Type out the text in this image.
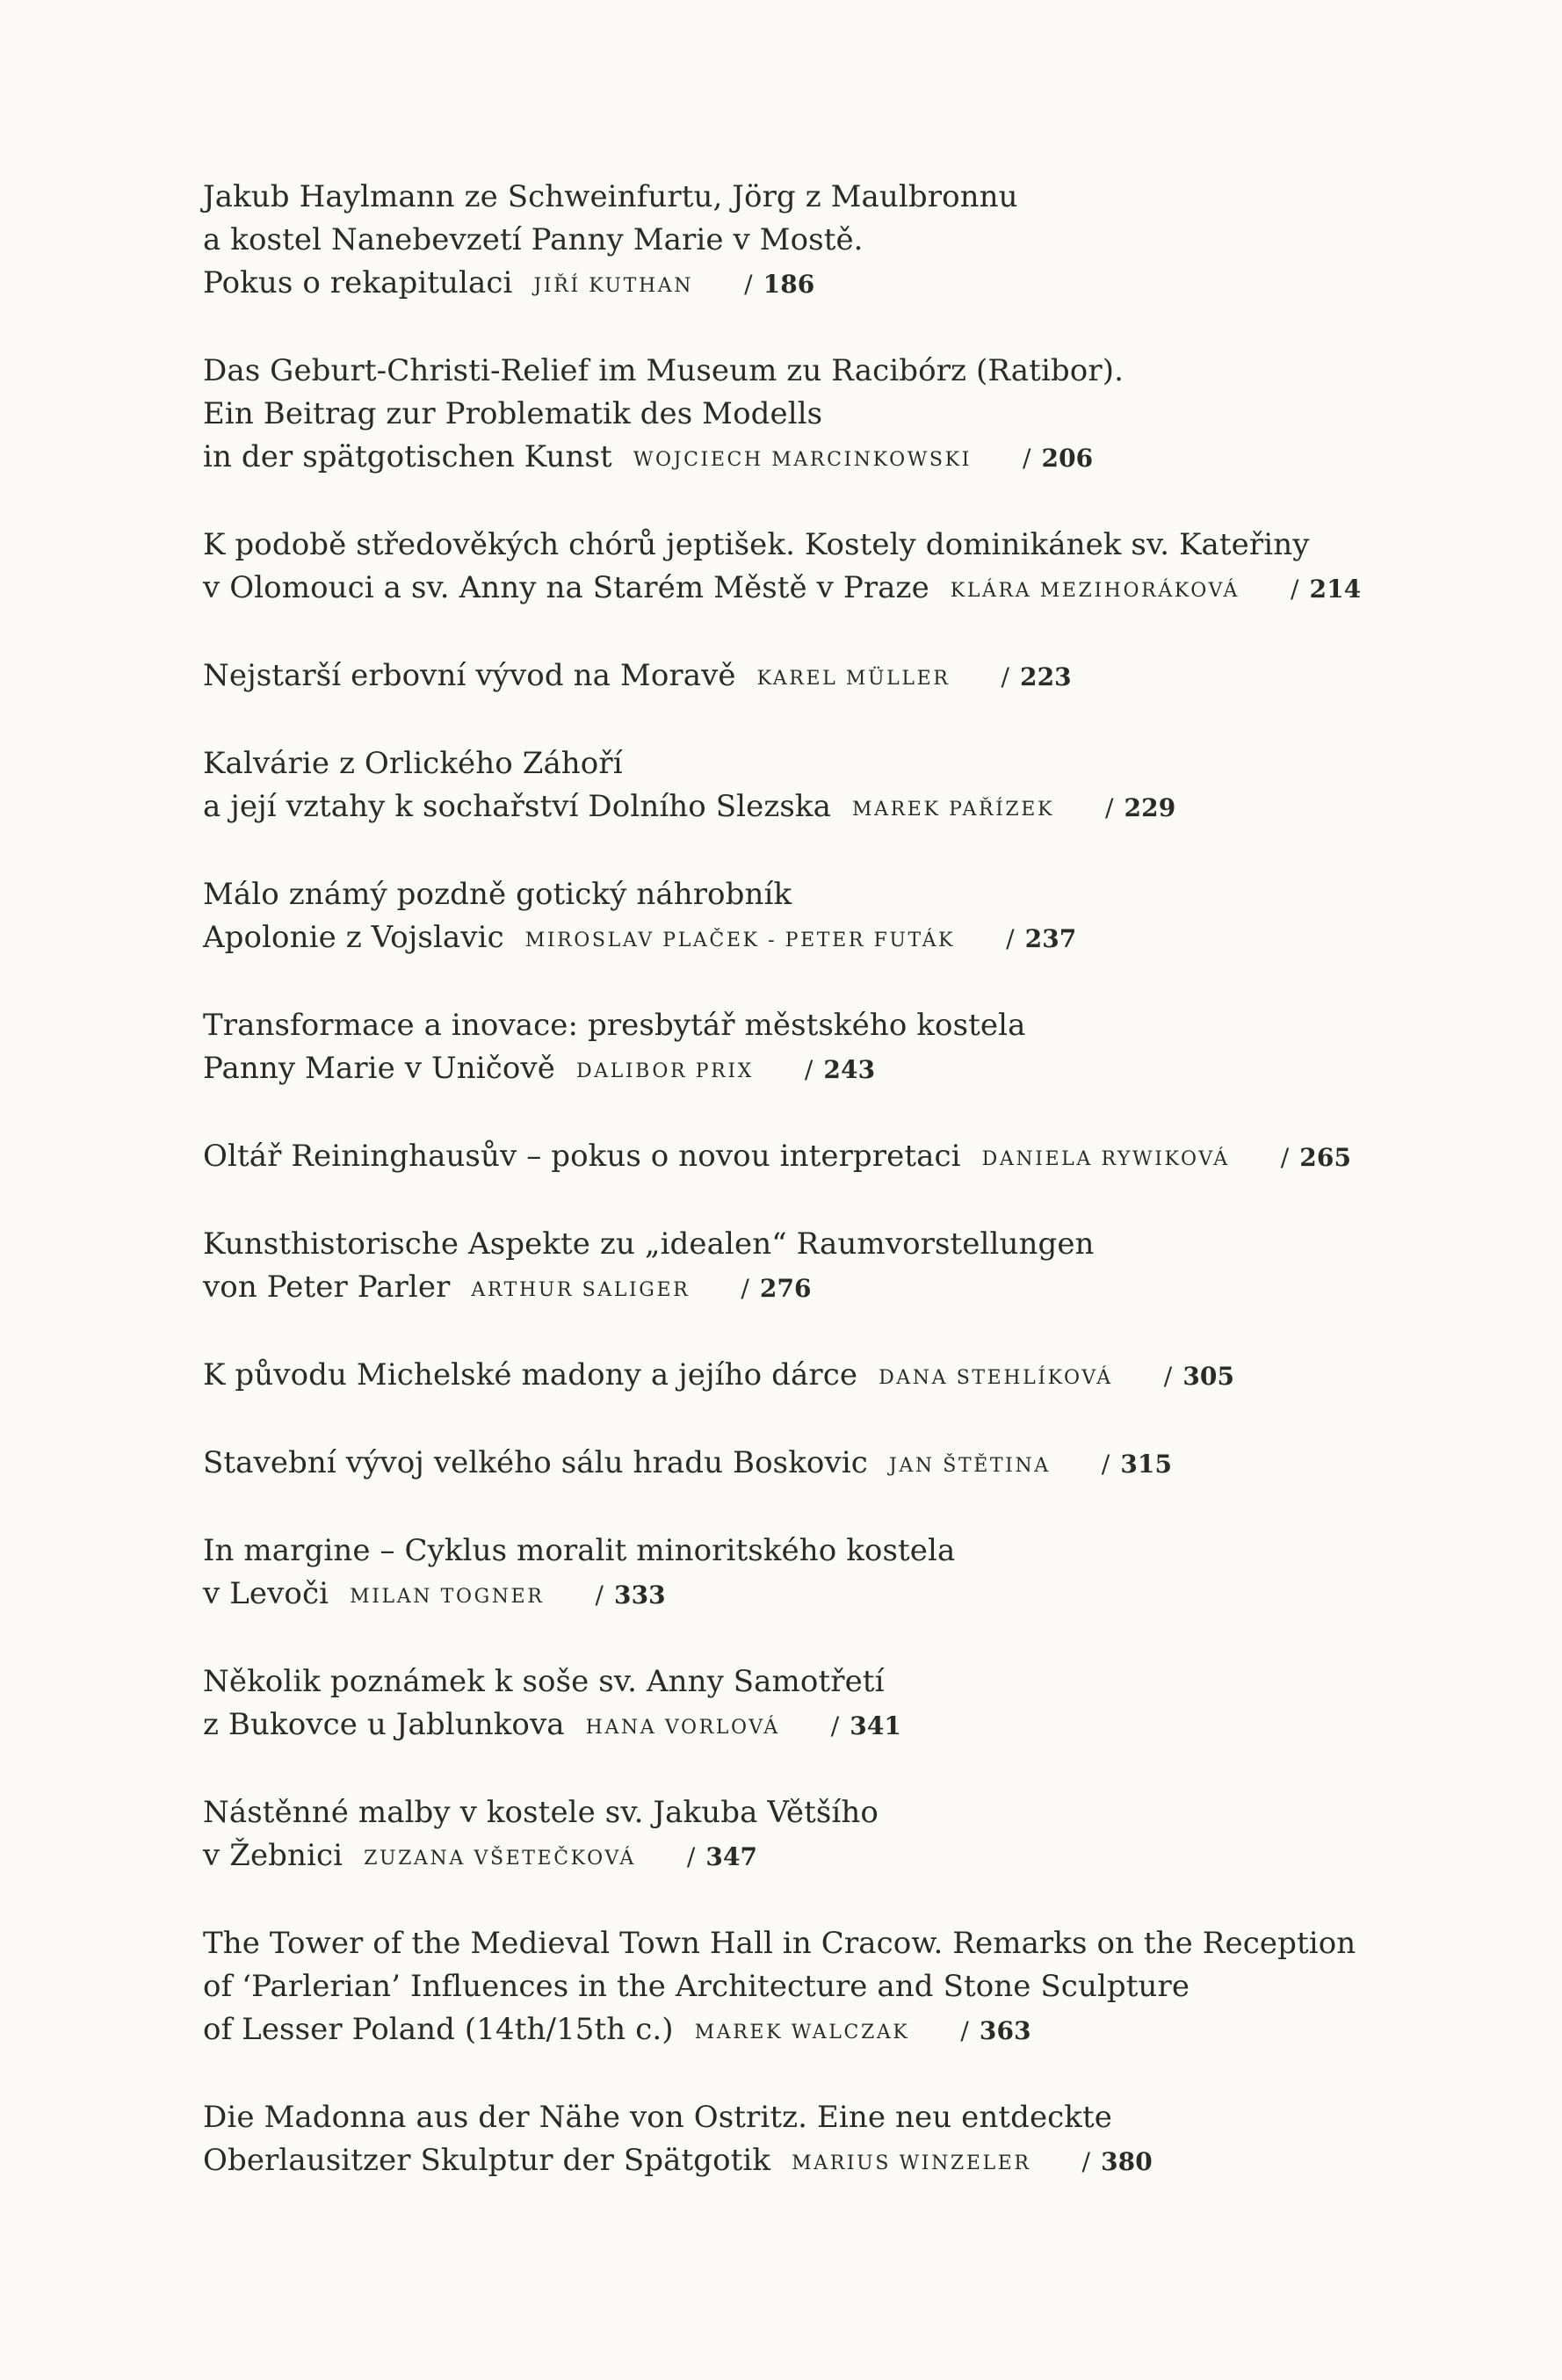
Jakub Haylmann ze Schweinfurtu, Jörg z Maulbronnu
a kostel Nanebevzetí Panny Marie v Mostě.
Pokus o rekapitulaci JIŘÍ KUTHAN / 186
Das Geburt-Christi-Relief im Museum zu Racibórz (Ratibor).
Ein Beitrag zur Problematik des Modells
in der spätgotischen Kunst WOJCIECH MARCINKOWSKI / 206
K podobě středověkých chórů jeptišek. Kostely dominikánek sv. Kateřiny
v Olomouci a sv. Anny na Starém Městě v Praze KLÁRA MEZIHORÁKOVÁ / 214
Nejstarší erbovní vývod na Moravě KAREL MÜLLER / 223
Kalvárie z Orlického Záhoří
a její vztahy k sochařství Dolního Slezska MAREK PAŘÍZEK / 229
Málo známý pozdně gotický náhrobník
Apolonie z Vojslavic MIROSLAV PLAČEK - PETER FUTÁK / 237
Transformace a inovace: presbytář městského kostela
Panny Marie v Uničově DALIBOR PRIX / 243
Oltář Reininghausův – pokus o novou interpretaci DANIELA RYWIKOVÁ / 265
Kunsthistorische Aspekte zu „idealen“ Raumvorstellungen
von Peter Parler ARTHUR SALIGER / 276
K původu Michelské madony a jejího dárce DANA STEHLÍKOVÁ / 305
Stavební vývoj velkého sálu hradu Boskovic JAN ŠTĚTINA / 315
In margine – Cyklus moralit minoritského kostela
v Levoči MILAN TOGNER / 333
Několik poznámek k soše sv. Anny Samotřetí
z Bukovce u Jablunkova HANA VORLOVÁ / 341
Nástěnné malby v kostele sv. Jakuba Většího
v Žebnici ZUZANA VŠETEČKOVÁ / 347
The Tower of the Medieval Town Hall in Cracow. Remarks on the Reception
of ‘Parlerian’ Influences in the Architecture and Stone Sculpture
of Lesser Poland (14th/15th c.) MAREK WALCZAK / 363
Die Madonna aus der Nähe von Ostritz. Eine neu entdeckte
Oberlausitzer Skulptur der Spätgotik MARIUS WINZELER / 380
